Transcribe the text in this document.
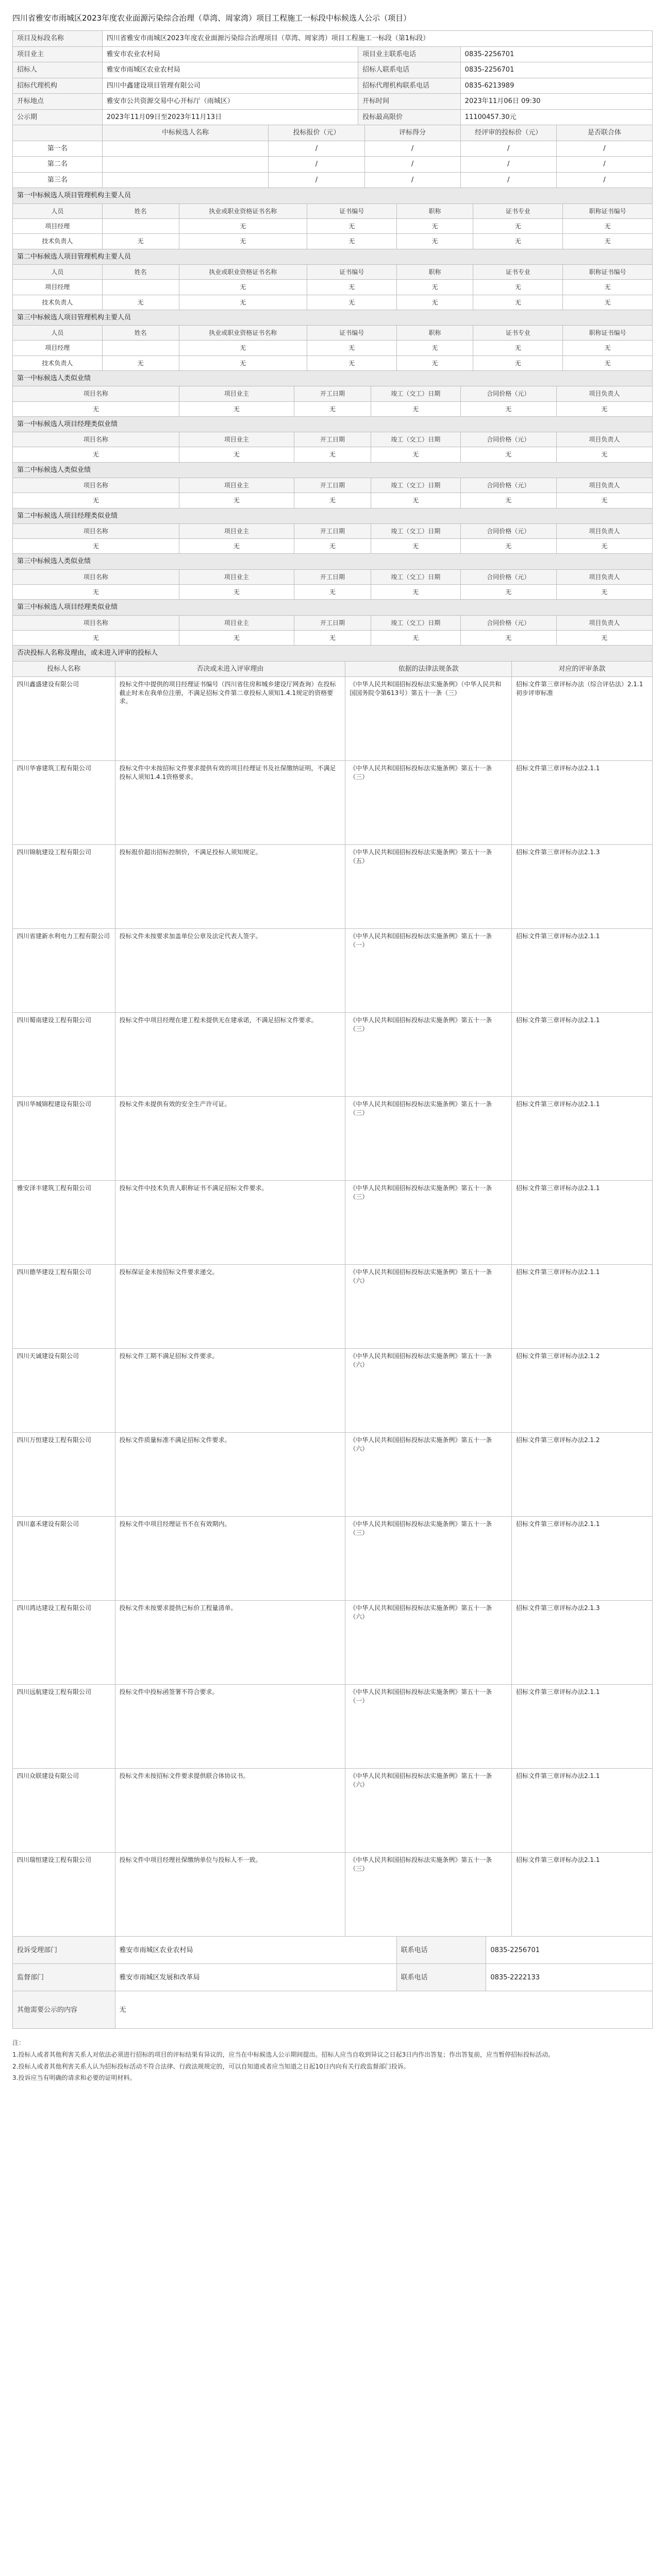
四川省雅安市雨城区2023年度农业面源污染综合治理（草湾、周家湾）项目工程施工一标段中标候选人公示（项目）
项目及标段名称	四川省雅安市雨城区2023年度农业面源污染综合治理项目（草湾、周家湾）项目工程施工一标段（第1标段）		
项目业主	雅安市农业农村局	项目业主联系电话	0835-2256701
招标人	雅安市雨城区农业农村局	招标人联系电话	0835-2256701
招标代理机构	四川中鑫建设项目管理有限公司	招标代理机构联系电话	0835-6213989
开标地点	雅安市公共资源交易中心开标厅（雨城区）	开标时间	2023年11月06日 09:30
公示期	2023年11月09日至2023年11月13日	投标最高限价	11100457.30元
	中标候选人名称	投标报价（元）	评标得分	经评审的投标价（元）	是否联合体
第一名		/	/	/	/
第二名		/	/	/	/
第三名		/	/	/	/
第一中标候选人项目管理机构主要人员						
人员	姓名	执业或职业资格证书名称	证书编号	职称	证书专业	职称证书编号
项目经理		无	无	无	无	无
技术负责人	无	无	无	无	无	无
第二中标候选人项目管理机构主要人员						
人员	姓名	执业或职业资格证书名称	证书编号	职称	证书专业	职称证书编号
项目经理		无	无	无	无	无
技术负责人	无	无	无	无	无	无
第三中标候选人项目管理机构主要人员						
人员	姓名	执业或职业资格证书名称	证书编号	职称	证书专业	职称证书编号
项目经理		无	无	无	无	无
技术负责人	无	无	无	无	无	无
第一中标候选人类似业绩					
项目名称	项目业主	开工日期	竣工（交工）日期	合同价格（元）	项目负责人
无	无	无	无	无	无
第一中标候选人项目经理类似业绩					
项目名称	项目业主	开工日期	竣工（交工）日期	合同价格（元）	项目负责人
无	无	无	无	无	无
第二中标候选人类似业绩					
项目名称	项目业主	开工日期	竣工（交工）日期	合同价格（元）	项目负责人
无	无	无	无	无	无
第二中标候选人项目经理类似业绩					
项目名称	项目业主	开工日期	竣工（交工）日期	合同价格（元）	项目负责人
无	无	无	无	无	无
第三中标候选人类似业绩					
项目名称	项目业主	开工日期	竣工（交工）日期	合同价格（元）	项目负责人
无	无	无	无	无	无
第三中标候选人项目经理类似业绩					
项目名称	项目业主	开工日期	竣工（交工）日期	合同价格（元）	项目负责人
无	无	无	无	无	无
否决投标人名称及理由，或未进入评审的投标人			
投标人名称	否决或未进入评审理由	依据的法律法规条款	对应的评审条款
四川鑫盛建设有限公司	投标文件中提供的项目经理证书编号（四川省住房和城乡建设厅网查询）在投标截止时未在我单位注册，不满足招标文件第二章投标人须知1.4.1规定的资格要求。	《中华人民共和国招标投标法实施条例》（中华人民共和国国务院令第613号）第五十一条（三）	招标文件第三章评标办法（综合评估法）2.1.1初步评审标准
四川华睿建筑工程有限公司	投标文件中未按招标文件要求提供有效的项目经理证书及社保缴纳证明，不满足投标人须知1.4.1资格要求。	《中华人民共和国招标投标法实施条例》第五十一条（三）	招标文件第三章评标办法2.1.1
四川锦航建设工程有限公司	投标报价超出招标控制价，不满足投标人须知规定。	《中华人民共和国招标投标法实施条例》第五十一条（五）	招标文件第三章评标办法2.1.3
四川省建新水利电力工程有限公司	投标文件未按要求加盖单位公章及法定代表人签字。	《中华人民共和国招标投标法实施条例》第五十一条（一）	招标文件第三章评标办法2.1.1
四川蜀南建设工程有限公司	投标文件中项目经理在建工程未提供无在建承诺，不满足招标文件要求。	《中华人民共和国招标投标法实施条例》第五十一条（三）	招标文件第三章评标办法2.1.1
四川华城锦程建设有限公司	投标文件未提供有效的安全生产许可证。	《中华人民共和国招标投标法实施条例》第五十一条（三）	招标文件第三章评标办法2.1.1
雅安泽丰建筑工程有限公司	投标文件中技术负责人职称证书不满足招标文件要求。	《中华人民共和国招标投标法实施条例》第五十一条（三）	招标文件第三章评标办法2.1.1
四川德华建设工程有限公司	投标保证金未按招标文件要求递交。	《中华人民共和国招标投标法实施条例》第五十一条（六）	招标文件第三章评标办法2.1.1
四川天诚建设有限公司	投标文件工期不满足招标文件要求。	《中华人民共和国招标投标法实施条例》第五十一条（六）	招标文件第三章评标办法2.1.2
四川万恒建设工程有限公司	投标文件质量标准不满足招标文件要求。	《中华人民共和国招标投标法实施条例》第五十一条（六）	招标文件第三章评标办法2.1.2
四川嘉禾建设有限公司	投标文件中项目经理证书不在有效期内。	《中华人民共和国招标投标法实施条例》第五十一条（三）	招标文件第三章评标办法2.1.1
四川鸿达建设工程有限公司	投标文件未按要求提供已标价工程量清单。	《中华人民共和国招标投标法实施条例》第五十一条（六）	招标文件第三章评标办法2.1.3
四川远航建设工程有限公司	投标文件中投标函签署不符合要求。	《中华人民共和国招标投标法实施条例》第五十一条（一）	招标文件第三章评标办法2.1.1
四川众联建设有限公司	投标文件未按招标文件要求提供联合体协议书。	《中华人民共和国招标投标法实施条例》第五十一条（六）	招标文件第三章评标办法2.1.1
四川瑞恒建设工程有限公司	投标文件中项目经理社保缴纳单位与投标人不一致。	《中华人民共和国招标投标法实施条例》第五十一条（三）	招标文件第三章评标办法2.1.1
投诉受理部门	雅安市雨城区农业农村局	联系电话	0835-2256701
监督部门	雅安市雨城区发展和改革局	联系电话	0835-2222133
其他需要公示的内容	无		

注：

1.投标人或者其他利害关系人对依法必须进行招标的项目的评标结果有异议的，应当在中标候选人公示期间提出。招标人应当自收到异议之日起3日内作出答复；作出答复前，应当暂停招标投标活动。

2.投标人或者其他利害关系人认为招标投标活动不符合法律、行政法规规定的，可以自知道或者应当知道之日起10日内向有关行政监督部门投诉。

3.投诉应当有明确的请求和必要的证明材料。
